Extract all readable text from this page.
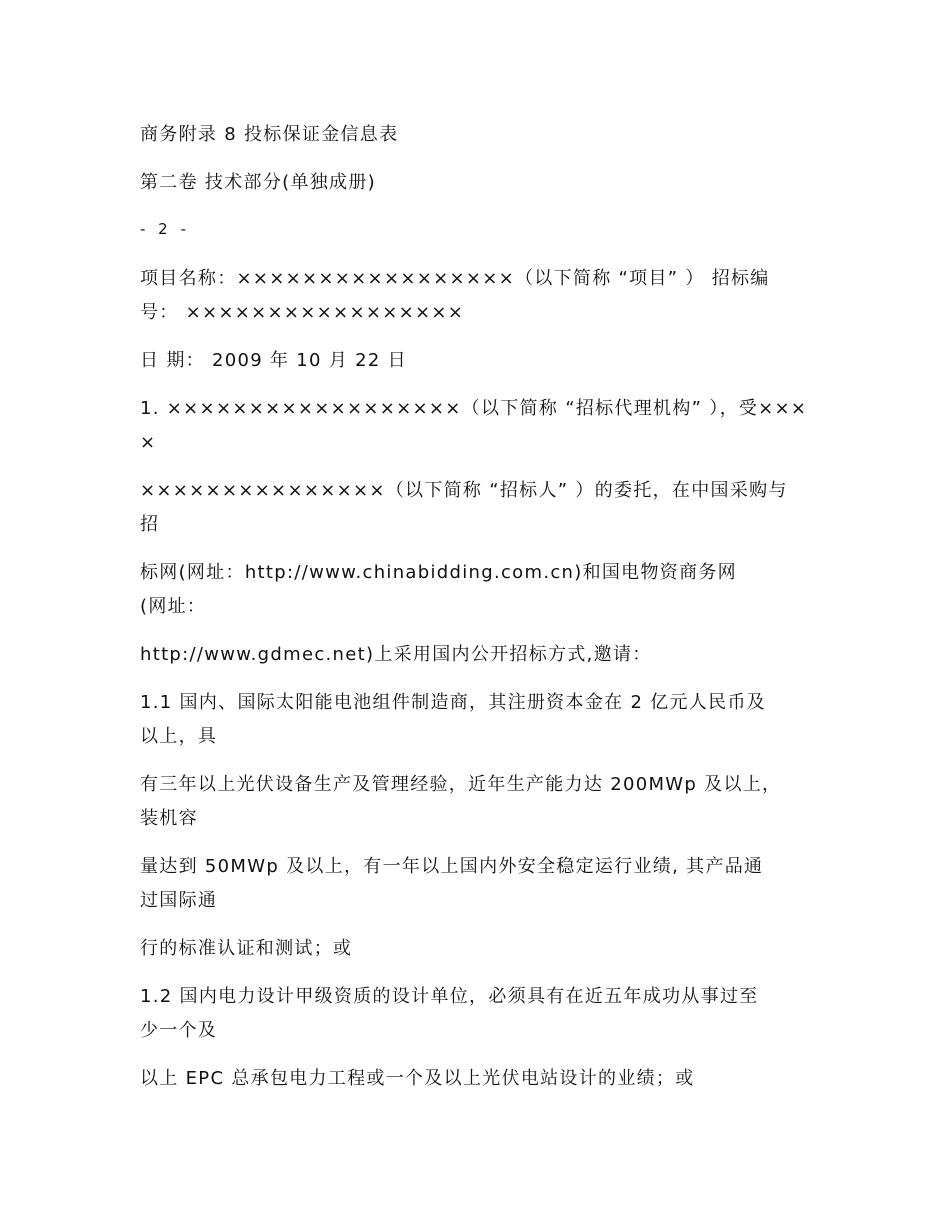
商务附录 8 投标保证金信息表
第二卷 技术部分(单独成册)
- 2 -
项目名称：×××××××××××××××××（以下简称 “项目” ） 招标编
号： ×××××××××××××××××
日 期： 2009 年 10 月 22 日
1. ××××××××××××××××××（以下简称 “招标代理机构” ），受×××
×
×××××××××××××××（以下简称 “招标人” ）的委托，在中国采购与
招
标网(网址：http://www.chinabidding.com.cn)和国电物资商务网
(网址：
http://www.gdmec.net)上采用国内公开招标方式,邀请：
1.1 国内、国际太阳能电池组件制造商，其注册资本金在 2 亿元人民币及
以上，具
有三年以上光伏设备生产及管理经验，近年生产能力达 200MWp 及以上，
装机容
量达到 50MWp 及以上，有一年以上国内外安全稳定运行业绩, 其产品通
过国际通
行的标准认证和测试；或
1.2 国内电力设计甲级资质的设计单位，必须具有在近五年成功从事过至
少一个及
以上 EPC 总承包电力工程或一个及以上光伏电站设计的业绩；或
